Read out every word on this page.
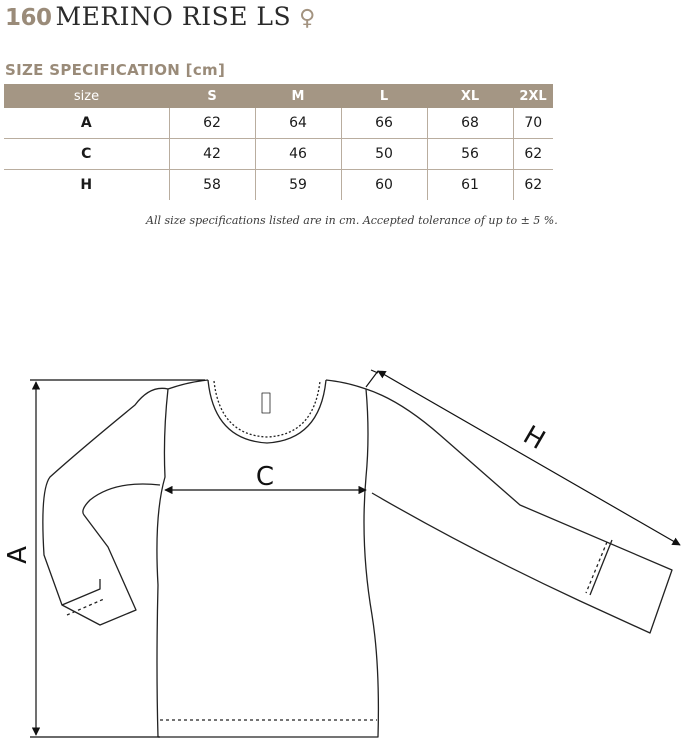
160 MERINO RISE LS ♀
SIZE SPECIFICATION [cm]
size	S	M	L	XL	2XL
A	62	64	66	68	70
C	42	46	50	56	62
H	58	59	60	61	62
All size specifications listed are in cm. Accepted tolerance of up to ± 5 %.
A
C
H
